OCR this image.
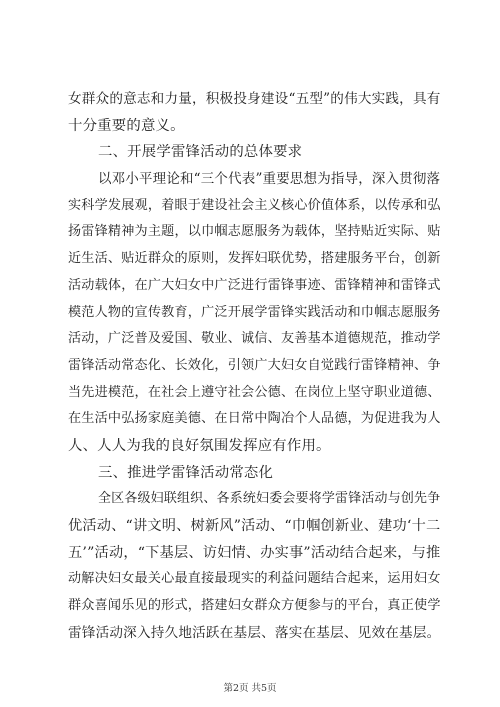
女群众的意志和力量，积极投身建设“五型”的伟大实践，具有
十分重要的意义。
二、开展学雷锋活动的总体要求
以邓小平理论和“三个代表”重要思想为指导，深入贯彻落
实科学发展观，着眼于建设社会主义核心价值体系，以传承和弘
扬雷锋精神为主题，以巾帼志愿服务为载体，坚持贴近实际、贴
近生活、贴近群众的原则，发挥妇联优势，搭建服务平台，创新
活动载体，在广大妇女中广泛进行雷锋事迹、雷锋精神和雷锋式
模范人物的宣传教育，广泛开展学雷锋实践活动和巾帼志愿服务
活动，广泛普及爱国、敬业、诚信、友善基本道德规范，推动学
雷锋活动常态化、长效化，引领广大妇女自觉践行雷锋精神、争
当先进模范，在社会上遵守社会公德、在岗位上坚守职业道德、
在生活中弘扬家庭美德、在日常中陶冶个人品德，为促进我为人
人、人人为我的良好氛围发挥应有作用。
三、推进学雷锋活动常态化
全区各级妇联组织、各系统妇委会要将学雷锋活动与创先争
优活动、“讲文明、树新风”活动、“巾帼创新业、建功‘十二
五’”活动，“下基层、访妇情、办实事”活动结合起来，与推
动解决妇女最关心最直接最现实的利益问题结合起来，运用妇女
群众喜闻乐见的形式，搭建妇女群众方便参与的平台，真正使学
雷锋活动深入持久地活跃在基层、落实在基层、见效在基层。
第2页 共5页
